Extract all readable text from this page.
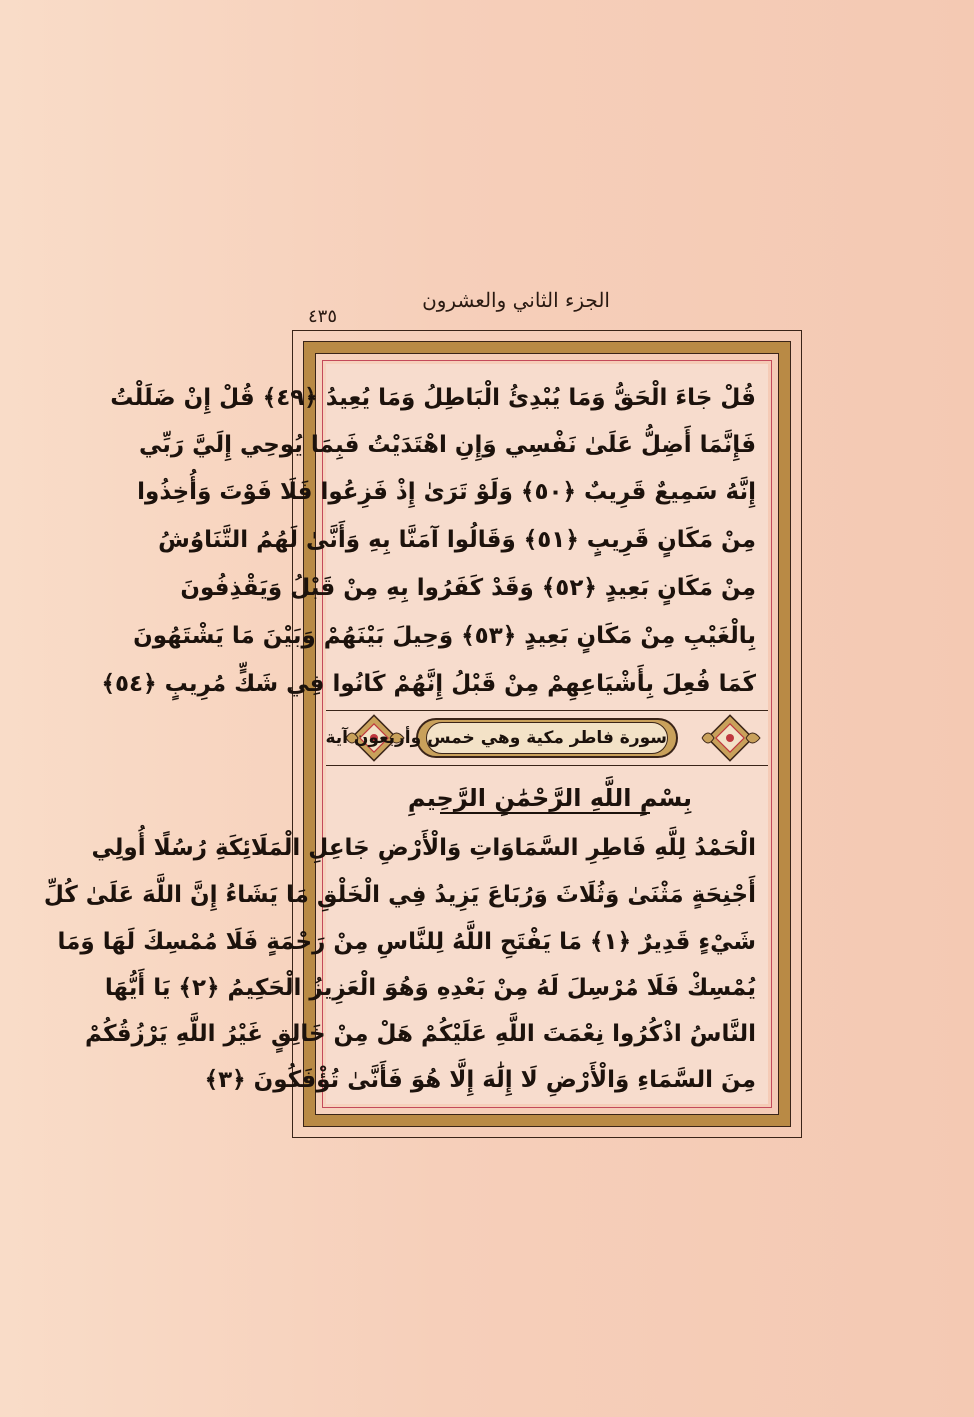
الجزء الثاني والعشرون
٤٣٥
قُلْ جَاءَ الْحَقُّ وَمَا يُبْدِئُ الْبَاطِلُ وَمَا يُعِيدُ ﴿٤٩﴾ قُلْ إِنْ ضَلَلْتُ
فَإِنَّمَا أَضِلُّ عَلَىٰ نَفْسِي وَإِنِ اهْتَدَيْتُ فَبِمَا يُوحِي إِلَيَّ رَبِّي
إِنَّهُ سَمِيعٌ قَرِيبٌ ﴿٥٠﴾ وَلَوْ تَرَىٰ إِذْ فَزِعُوا فَلَا فَوْتَ وَأُخِذُوا
مِنْ مَكَانٍ قَرِيبٍ ﴿٥١﴾ وَقَالُوا آمَنَّا بِهِ وَأَنَّىٰ لَهُمُ التَّنَاوُشُ
مِنْ مَكَانٍ بَعِيدٍ ﴿٥٢﴾ وَقَدْ كَفَرُوا بِهِ مِنْ قَبْلُ وَيَقْذِفُونَ
بِالْغَيْبِ مِنْ مَكَانٍ بَعِيدٍ ﴿٥٣﴾ وَحِيلَ بَيْنَهُمْ وَبَيْنَ مَا يَشْتَهُونَ
كَمَا فُعِلَ بِأَشْيَاعِهِمْ مِنْ قَبْلُ إِنَّهُمْ كَانُوا فِي شَكٍّ مُرِيبٍ ﴿٥٤﴾
سورة فاطر مكية وهي خمس وأربعون آية
بِسْمِ اللَّهِ الرَّحْمَٰنِ الرَّحِيمِ
الْحَمْدُ لِلَّهِ فَاطِرِ السَّمَاوَاتِ وَالْأَرْضِ جَاعِلِ الْمَلَائِكَةِ رُسُلًا أُولِي
أَجْنِحَةٍ مَثْنَىٰ وَثُلَاثَ وَرُبَاعَ يَزِيدُ فِي الْخَلْقِ مَا يَشَاءُ إِنَّ اللَّهَ عَلَىٰ كُلِّ
شَيْءٍ قَدِيرٌ ﴿١﴾ مَا يَفْتَحِ اللَّهُ لِلنَّاسِ مِنْ رَحْمَةٍ فَلَا مُمْسِكَ لَهَا وَمَا
يُمْسِكْ فَلَا مُرْسِلَ لَهُ مِنْ بَعْدِهِ وَهُوَ الْعَزِيزُ الْحَكِيمُ ﴿٢﴾ يَا أَيُّهَا
النَّاسُ اذْكُرُوا نِعْمَتَ اللَّهِ عَلَيْكُمْ هَلْ مِنْ خَالِقٍ غَيْرُ اللَّهِ يَرْزُقُكُمْ
مِنَ السَّمَاءِ وَالْأَرْضِ لَا إِلَٰهَ إِلَّا هُوَ فَأَنَّىٰ تُؤْفَكُونَ ﴿٣﴾
